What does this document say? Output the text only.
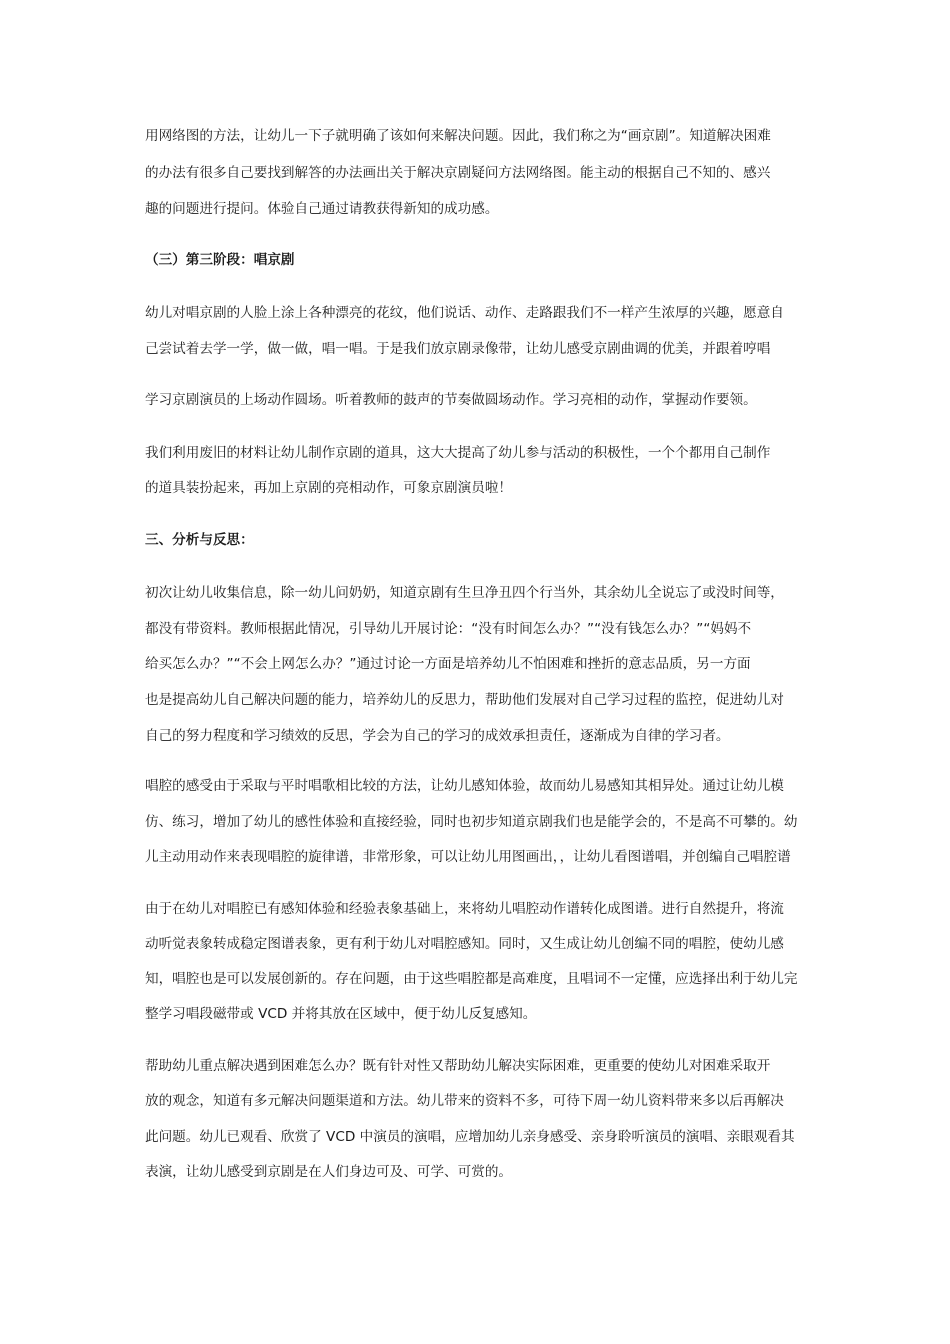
用网络图的方法，让幼儿一下子就明确了该如何来解决问题。因此，我们称之为“画京剧”。知道解决困难
的办法有很多自己要找到解答的办法画出关于解决京剧疑问方法网络图。能主动的根据自己不知的、感兴
趣的问题进行提问。体验自己通过请教获得新知的成功感。
（三）第三阶段：唱京剧
幼儿对唱京剧的人脸上涂上各种漂亮的花纹，他们说话、动作、走路跟我们不一样产生浓厚的兴趣，愿意自
己尝试着去学一学，做一做，唱一唱。于是我们放京剧录像带，让幼儿感受京剧曲调的优美，并跟着哼唱
学习京剧演员的上场动作圆场。听着教师的鼓声的节奏做圆场动作。学习亮相的动作，掌握动作要领。
我们利用废旧的材料让幼儿制作京剧的道具，这大大提高了幼儿参与活动的积极性，一个个都用自己制作
的道具装扮起来，再加上京剧的亮相动作，可象京剧演员啦！
三、分析与反思：
初次让幼儿收集信息，除一幼儿问奶奶，知道京剧有生旦净丑四个行当外，其余幼儿全说忘了或没时间等，
都没有带资料。教师根据此情况，引导幼儿开展讨论：“没有时间怎么办？”“没有钱怎么办？”“妈妈不
给买怎么办？”“不会上网怎么办？”通过讨论一方面是培养幼儿不怕困难和挫折的意志品质，另一方面
也是提高幼儿自己解决问题的能力，培养幼儿的反思力，帮助他们发展对自己学习过程的监控，促进幼儿对
自己的努力程度和学习绩效的反思，学会为自己的学习的成效承担责任，逐渐成为自律的学习者。
唱腔的感受由于采取与平时唱歌相比较的方法，让幼儿感知体验，故而幼儿易感知其相异处。通过让幼儿模
仿、练习，增加了幼儿的感性体验和直接经验，同时也初步知道京剧我们也是能学会的，不是高不可攀的。幼
儿主动用动作来表现唱腔的旋律谱，非常形象，可以让幼儿用图画出，，让幼儿看图谱唱，并创编自己唱腔谱
由于在幼儿对唱腔已有感知体验和经验表象基础上，来将幼儿唱腔动作谱转化成图谱。进行自然提升，将流
动听觉表象转成稳定图谱表象，更有利于幼儿对唱腔感知。同时，又生成让幼儿创编不同的唱腔，使幼儿感
知，唱腔也是可以发展创新的。存在问题，由于这些唱腔都是高难度，且唱词不一定懂，应选择出利于幼儿完
整学习唱段磁带或 VCD 并将其放在区域中，便于幼儿反复感知。
帮助幼儿重点解决遇到困难怎么办？既有针对性又帮助幼儿解决实际困难，更重要的使幼儿对困难采取开
放的观念，知道有多元解决问题渠道和方法。幼儿带来的资料不多，可待下周一幼儿资料带来多以后再解决
此问题。幼儿已观看、欣赏了 VCD 中演员的演唱，应增加幼儿亲身感受、亲身聆听演员的演唱、亲眼观看其
表演，让幼儿感受到京剧是在人们身边可及、可学、可赏的。
